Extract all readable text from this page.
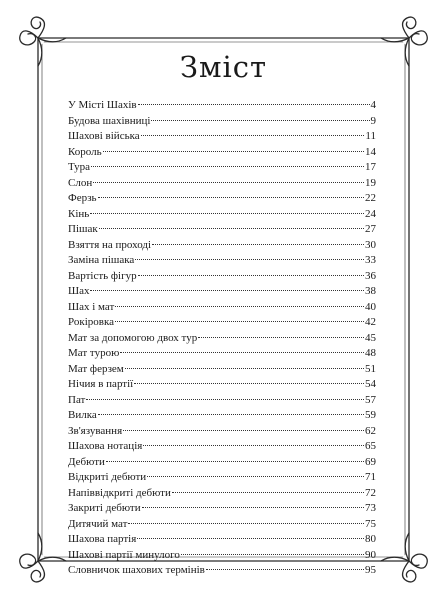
Зміст
У Місті Шахів	4
Будова шахівниці	9
Шахові війська	11
Король	14
Тура	17
Слон	19
Ферзь	22
Кінь	24
Пішак	27
Взяття на проході	30
Заміна пішака	33
Вартість фігур	36
Шах	38
Шах і мат	40
Рокіровка	42
Мат за допомогою двох тур	45
Мат турою	48
Мат ферзем	51
Нічия в партії	54
Пат	57
Вилка	59
Зв'язування	62
Шахова нотація	65
Дебюти	69
Відкриті дебюти	71
Напіввідкриті дебюти	72
Закриті дебюти	73
Дитячий мат	75
Шахова партія	80
Шахові партії минулого	90
Словничок шахових термінів	95
